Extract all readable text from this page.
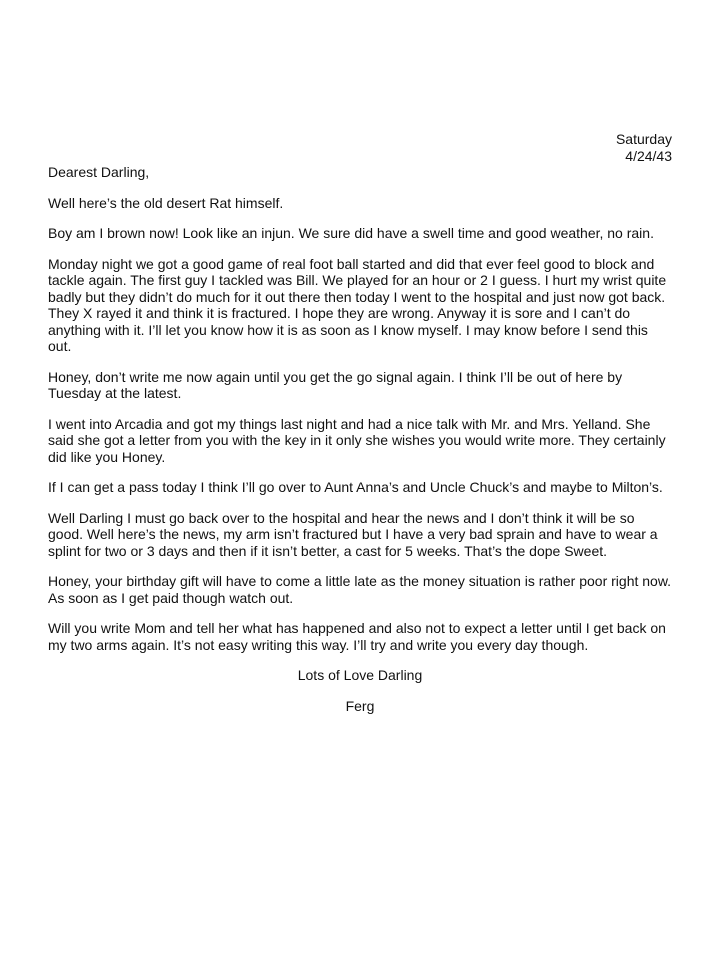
Saturday
4/24/43
Dearest Darling,
Well here’s the old desert Rat himself.
Boy am I brown now! Look like an injun. We sure did have a swell time and good weather, no rain.
Monday night we got a good game of real foot ball started and did that ever feel good to block and tackle again. The first guy I tackled was Bill. We played for an hour or 2 I guess. I hurt my wrist quite badly but they didn’t do much for it out there then today I went to the hospital and just now got back. They X rayed it and think it is fractured. I hope they are wrong. Anyway it is sore and I can’t do anything with it. I’ll let you know how it is as soon as I know myself. I may know before I send this out.
Honey, don’t write me now again until you get the go signal again. I think I’ll be out of here by Tuesday at the latest.
I went into Arcadia and got my things last night and had a nice talk with Mr. and Mrs. Yelland. She said she got a letter from you with the key in it only she wishes you would write more. They certainly did like you Honey.
If I can get a pass today I think I’ll go over to Aunt Anna’s and Uncle Chuck’s and maybe to Milton’s.
Well Darling I must go back over to the hospital and hear the news and I don’t think it will be so good. Well here’s the news, my arm isn’t fractured but I have a very bad sprain and have to wear a splint for two or 3 days and then if it isn’t better, a cast for 5 weeks. That’s the dope Sweet.
Honey, your birthday gift will have to come a little late as the money situation is rather poor right now. As soon as I get paid though watch out.
Will you write Mom and tell her what has happened and also not to expect a letter until I get back on my two arms again. It’s not easy writing this way. I’ll try and write you every day though.
Lots of Love Darling
Ferg
